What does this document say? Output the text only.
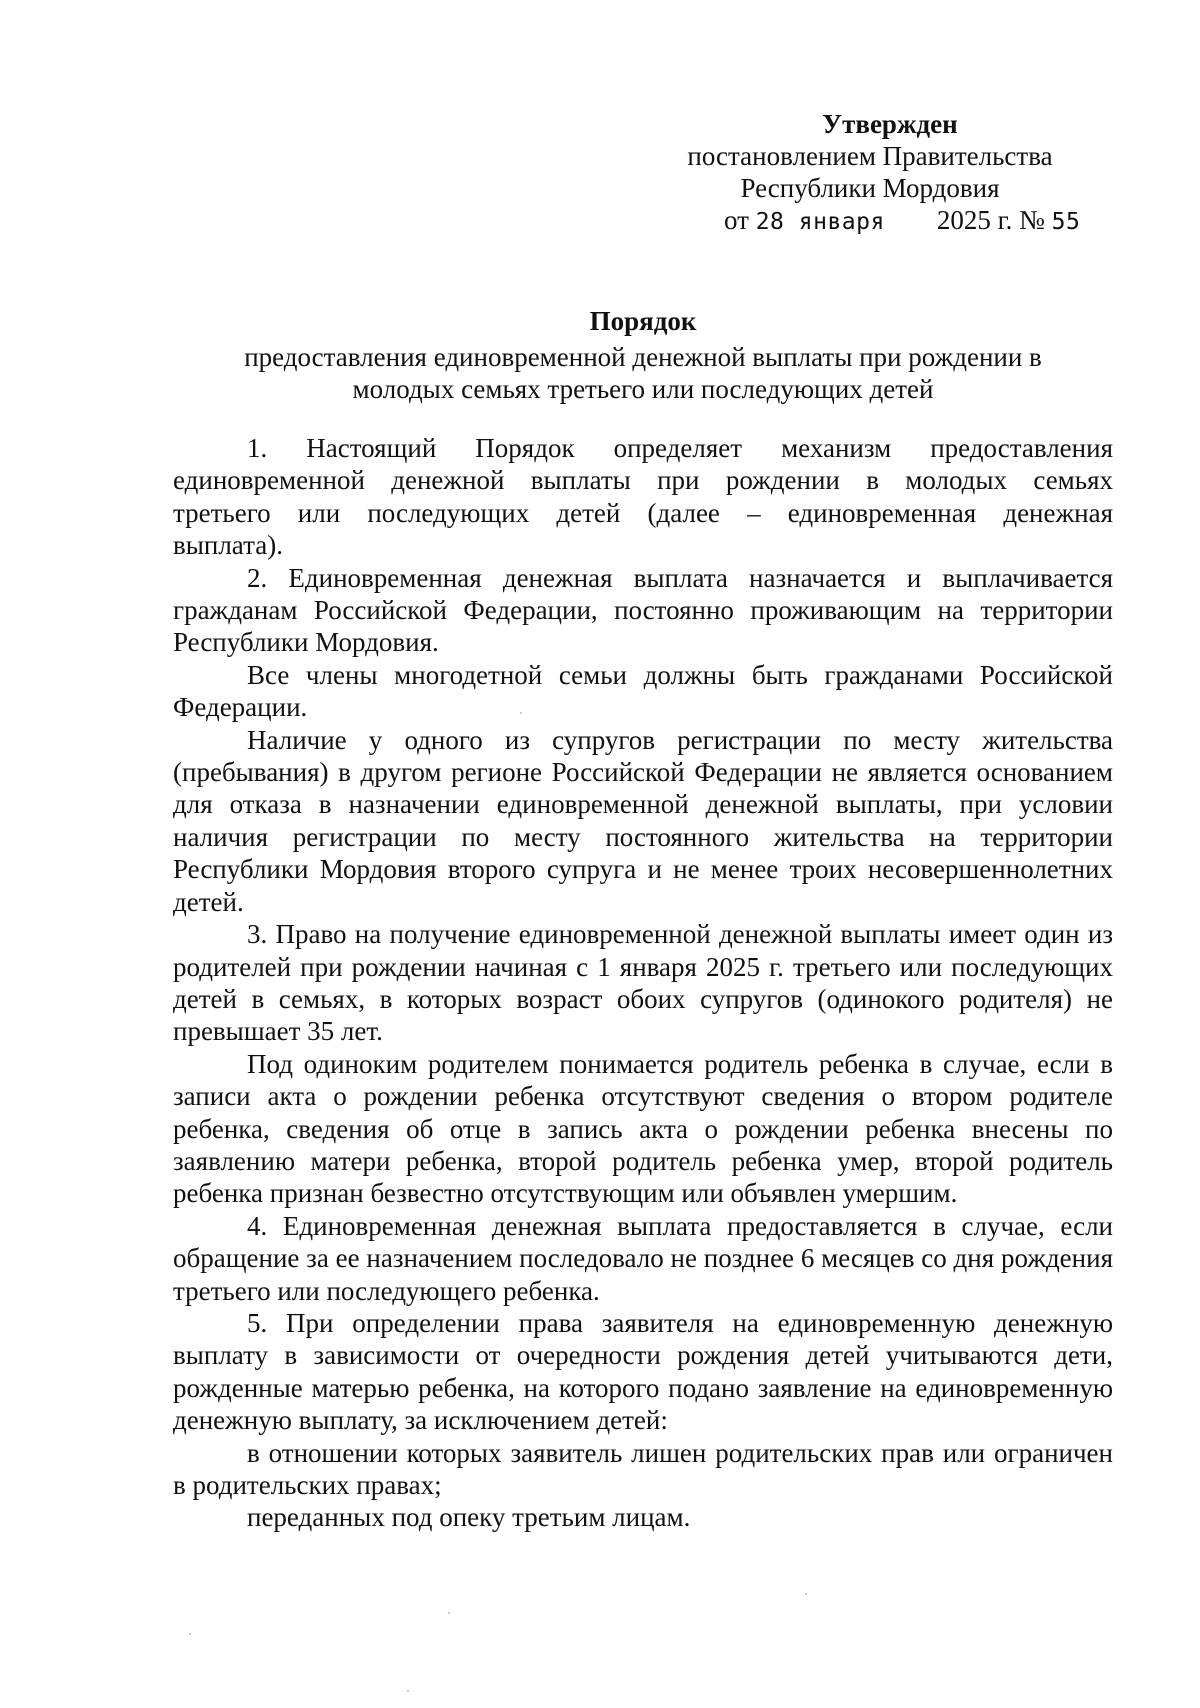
Утвержден
постановлением Правительства
Республики Мордовия
от 28 января 2025 г. № 55
Порядок
предоставления единовременной денежной выплаты при рождении в
молодых семьях третьего или последующих детей

1. Настоящий Порядок определяет механизм предоставления единовременной денежной выплаты при рождении в молодых семьях третьего или последующих детей (далее – единовременная денежная выплата).

2. Единовременная денежная выплата назначается и выплачивается гражданам Российской Федерации, постоянно проживающим на территории Республики Мордовия.

Все члены многодетной семьи должны быть гражданами Российской Федерации.

Наличие у одного из супругов регистрации по месту жительства (пребывания) в другом регионе Российской Федерации не является основанием для отказа в назначении единовременной денежной выплаты, при условии наличия регистрации по месту постоянного жительства на территории Республики Мордовия второго супруга и не менее троих несовершеннолетних детей.

3. Право на получение единовременной денежной выплаты имеет один из родителей при рождении начиная с 1 января 2025 г. третьего или последующих детей в семьях, в которых возраст обоих супругов (одинокого родителя) не превышает 35 лет.

Под одиноким родителем понимается родитель ребенка в случае, если в записи акта о рождении ребенка отсутствуют сведения о втором родителе ребенка, сведения об отце в запись акта о рождении ребенка внесены по заявлению матери ребенка, второй родитель ребенка умер, второй родитель ребенка признан безвестно отсутствующим или объявлен умершим.

4. Единовременная денежная выплата предоставляется в случае, если обращение за ее назначением последовало не позднее 6 месяцев со дня рождения третьего или последующего ребенка.

5. При определении права заявителя на единовременную денежную выплату в зависимости от очередности рождения детей учитываются дети, рожденные матерью ребенка, на которого подано заявление на единовременную денежную выплату, за исключением детей:

в отношении которых заявитель лишен родительских прав или ограничен в родительских правах;

переданных под опеку третьим лицам.
